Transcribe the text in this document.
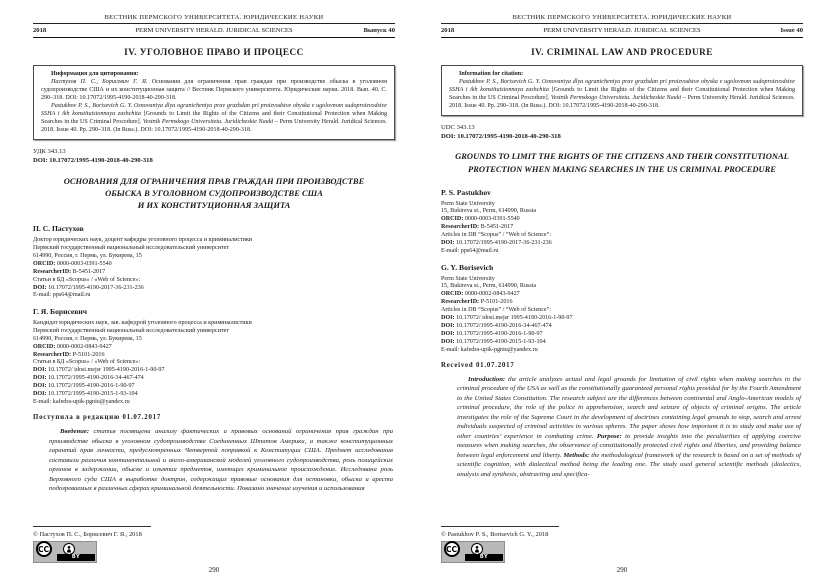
ВЕСТНИК ПЕРМСКОГО УНИВЕРСИТЕТА. ЮРИДИЧЕСКИЕ НАУКИ
2018	PERM UNIVERSITY HERALD. JURIDICAL SCIENCES	Выпуск 40
IV. УГОЛОВНОЕ ПРАВО И ПРОЦЕСС
Информация для цитирования:

Пастухов П. С., Борисевич Г. Я. Основания для ограничения прав граждан при производстве обыска в уголовном судопроизводстве США и их конституционная защита // Вестник Пермского университета. Юридические науки. 2018. Вып. 40. С. 290–318. DOI: 10.17072/1995-4190-2018-40-290-318.

Pastukhov P. S., Borisevich G. Y. Osnovaniya dlya ogranicheniya prav grazhdan pri proizvodstve obyska v ugolovnom sudoproizvodstve SSHA i ikh konstitutsionnaya zashchita [Grounds to Limit the Rights of the Citizens and their Constitutional Protection when Making Searches in the US Criminal Procedure]. Vestnik Permskogo Universiteta. Juridicheskie Nauki – Perm University Herald. Juridical Sciences. 2018. Issue 40. Pp. 290–318. (In Russ.). DOI: 10.17072/1995-4190-2018-40-290-318.

УДК 343.13
DOI: 10.17072/1995-4190-2018-40-290-318
ОСНОВАНИЯ ДЛЯ ОГРАНИЧЕНИЯ ПРАВ ГРАЖДАН ПРИ ПРОИЗВОДСТВЕ
ОБЫСКА В УГОЛОВНОМ СУДОПРОИЗВОДСТВЕ США
И ИХ КОНСТИТУЦИОННАЯ ЗАЩИТА
П. С. Пастухов
Доктор юридических наук, доцент кафедры уголовного процесса и криминалистики
Пермский государственный национальный исследовательский университет
614990, Россия, г. Пермь, ул. Букирева, 15
ORCID: 0000-0003-0391-5540
ResearcherID: B-5451-2017
Статьи в БД «Scopus» / «Web of Science»:
DOI: 10.17072/1995-4190-2017-36-231-236
E-mail: pps64@mail.ru
Г. Я. Борисевич
Кандидат юридических наук, зав. кафедрой уголовного процесса и криминалистики
Пермский государственный национальный исследовательский университет
614990, Россия, г. Пермь, ул. Букирева, 15
ORCID: 0000-0002-0843-9427
ResearcherID: P-5101-2016
Статьи в БД «Scopus» / «Web of Science»:
DOI: 10.17072/ idosi.mejsr 1995-4190-2016-1-90-97
DOI: 10.17072/1995-4190-2016-34-467-474
DOI: 10.17072/1995-4190-2016-1-90-97
DOI: 10.17072/1995-4190-2015-1-93-104
E-mail: kafedra-upik-pgniu@yandex.ru
Поступила в редакцию 01.07.2017

Введение: статья посвящена анализу фактических и правовых оснований ограничения прав граждан при производстве обыска в уголовном судопроизводстве Соединенных Штатов Америки, а также конституционных гарантий прав личности, предусмотренных Четвертой поправкой к Конституции США. Предмет исследования составили различия континентальной и англо-американской моделей уголовного судопроизводства, роль полицейских органов в задержании, обыске и изъятии предметов, имеющих криминальное происхождение. Исследована роль Верховного суда США в выработке доктрин, содержащих правовые основания для остановки, обыска и ареста подозреваемых в различных сферах криминальной деятельности. Показано значение изучения и использования

© Пастухов П. С., Борисевич Г. Я., 2018
CC
BY
290
ВЕСТНИК ПЕРМСКОГО УНИВЕРСИТЕТА. ЮРИДИЧЕСКИЕ НАУКИ
2018	PERM UNIVERSITY HERALD. JURIDICAL SCIENCES	Issue 40
IV. CRIMINAL LAW AND PROCEDURE
Information for citation:

Pastukhov P. S., Borisevich G. Y. Osnovaniya dlya ogranicheniya prav grazhdan pri proizvodstve obyska v ugolovnom sudoproizvodstve SSHA i ikh konstitutsionnaya zashchita [Grounds to Limit the Rights of the Citizens and their Constitutional Protection when Making Searches in the US Criminal Procedure]. Vestnik Permskogo Universiteta. Juridicheskie Nauki – Perm University Herald. Juridical Sciences. 2018. Issue 40. Pp. 290–318. (In Russ.). DOI: 10.17072/1995-4190-2018-40-290-318.

UDC 343.13
DOI: 10.17072/1995-4190-2018-40-290-318
GROUNDS TO LIMIT THE RIGHTS OF THE CITIZENS AND THEIR CONSTITUTIONAL
PROTECTION WHEN MAKING SEARCHES IN THE US CRIMINAL PROCEDURE
P. S. Pastukhov
Perm State University
15, Bukireva st., Perm, 614990, Russia
ORCID: 0000-0003-0391-5540
ResearcherID: B-5451-2017
Articles in DB “Scopus” / “Web of Science”:
DOI: 10.17072/1995-4190-2017-36-231-236
E-mail: pps64@mail.ru
G. Y. Borisevich
Perm State University
15, Bukireva st., Perm, 614990, Russia
ORCID: 0000-0002-0843-9427
ResearcherID: P-5101-2016
Articles in DB “Scopus” / “Web of Science”:
DOI: 10.17072/ idosi.mejsr 1995-4190-2016-1-90-97
DOI: 10.17072/1995-4190-2016-34-467-474
DOI: 10.17072/1995-4190-2016-1-90-97
DOI: 10.17072/1995-4190-2015-1-93-104
E-mail: kafedra-upik-pgniu@yandex.ru
Received 01.07.2017

Introduction: the article analyzes actual and legal grounds for limitation of civil rights when making searches in the criminal procedure of the USA as well as the constitutionally guaranteed personal rights provided for by the Fourth Amendment to the United States Constitution. The research subject are the differences between continental and Anglo-American models of criminal procedure, the role of the police in apprehension, search and seizure of objects of criminal origins. The article investigates the role of the Supreme Court in the development of doctrines containing legal grounds to stop, search and arrest individuals suspected of criminal activities in various spheres. The paper shows how important it is to study and make use of other countries’ experience in combating crime. Purpose: to provide insights into the peculiarities of applying coercive measures when making searches, the observance of constitutionally protected civil rights and liberties, and providing balance between legal enforcement and liberty. Methods: the methodological framework of the research is based on a set of methods of scientific cognition, with dialectical method being the leading one. The study used general scientific methods (dialectics, analysis and synthesis, abstracting and specifica-

© Pastukhov P. S., Borisevich G. Y., 2018
CC
BY
290
